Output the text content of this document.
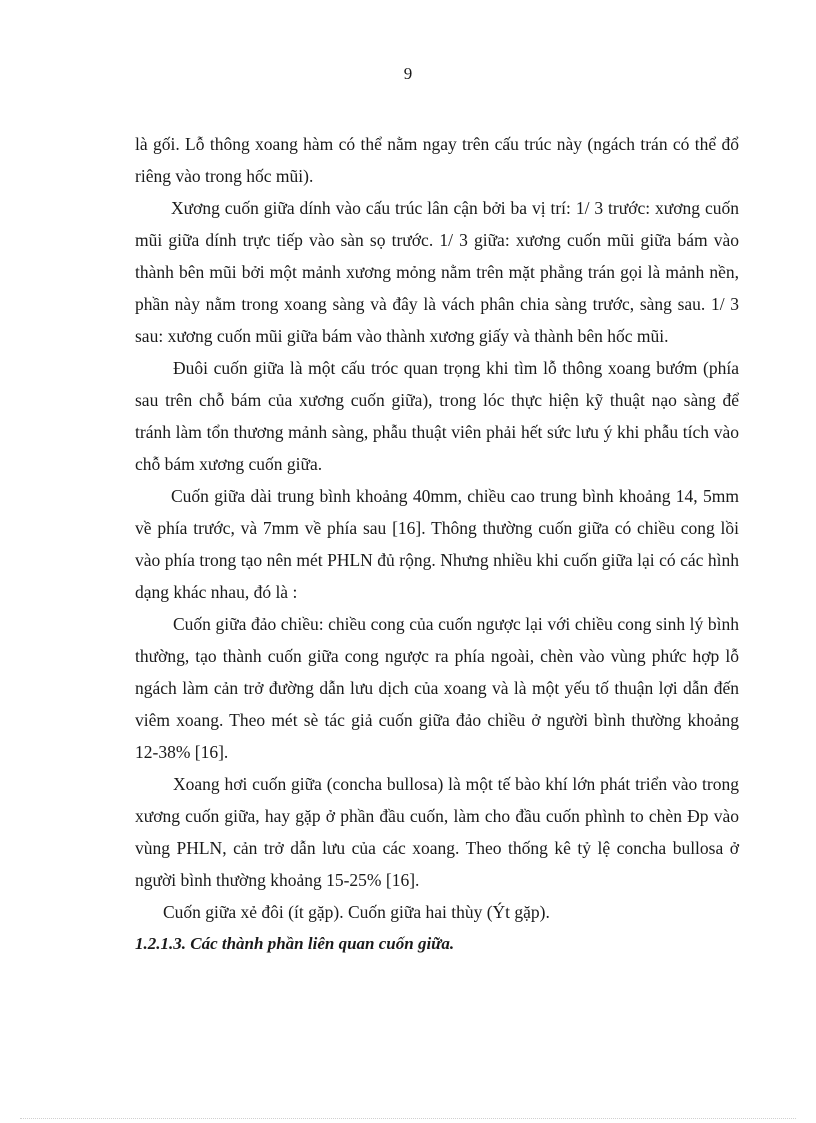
9

là gối. Lỗ thông xoang hàm có thể nằm ngay trên cấu trúc này (ngách trán có thể đổ riêng vào trong hốc mũi).

Xương cuốn giữa dính vào cấu trúc lân cận bởi ba vị trí: 1/ 3 trước: xương cuốn mũi giữa dính trực tiếp vào sàn sọ trước. 1/ 3 giữa: xương cuốn mũi giữa bám vào thành bên mũi bởi một mảnh xương mỏng nằm trên mặt phẳng trán gọi là mảnh nền, phần này nằm trong xoang sàng và đây là vách phân chia sàng trước, sàng sau. 1/ 3 sau: xương cuốn mũi giữa bám vào thành xương giấy và thành bên hốc mũi.

Đuôi cuốn giữa là một cấu tróc quan trọng khi tìm lỗ thông xoang bướm (phía sau trên chỗ bám của xương cuốn giữa), trong lóc thực hiện kỹ thuật nạo sàng để tránh làm tổn thương mảnh sàng, phẫu thuật viên phải hết sức lưu ý khi phẫu tích vào chỗ bám xương cuốn giữa.

Cuốn giữa dài trung bình khoảng 40mm, chiều cao trung bình khoảng 14, 5mm về phía trước, và 7mm về phía sau [16]. Thông thường cuốn giữa có chiều cong lồi vào phía trong tạo nên mét PHLN đủ rộng. Nhưng nhiều khi cuốn giữa lại có các hình dạng khác nhau, đó là :

Cuốn giữa đảo chiều: chiều cong của cuốn ngược lại với chiều cong sinh lý bình thường, tạo thành cuốn giữa cong ngược ra phía ngoài, chèn vào vùng phức hợp lỗ ngách làm cản trở đường dẫn lưu dịch của xoang và là một yếu tố thuận lợi dẫn đến viêm xoang. Theo mét sè tác giả cuốn giữa đảo chiều ở người bình thường khoảng 12-38% [16].

Xoang hơi cuốn giữa (concha bullosa) là một tế bào khí lớn phát triển vào trong xương cuốn giữa, hay gặp ở phần đầu cuốn, làm cho đầu cuốn phình to chèn Ðp vào vùng PHLN, cản trở dẫn lưu của các xoang. Theo thống kê tỷ lệ concha bullosa ở người bình thường khoảng 15-25% [16].

Cuốn giữa xẻ đôi (ít gặp). Cuốn giữa hai thùy (Ýt gặp).

1.2.1.3. Các thành phần liên quan cuốn giữa.
